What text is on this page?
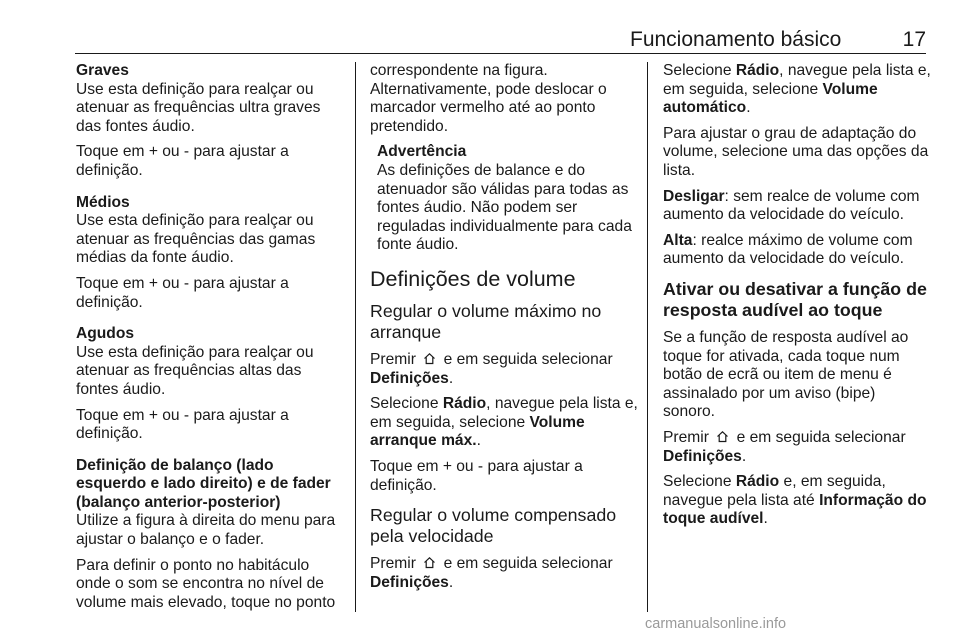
Funcionamento básico	17
Graves

Use esta definição para realçar ou atenuar as frequências ultra graves das fontes áudio.

Toque em + ou - para ajustar a definição.

Médios

Use esta definição para realçar ou atenuar as frequências das gamas médias da fonte áudio.

Toque em + ou - para ajustar a definição.

Agudos

Use esta definição para realçar ou atenuar as frequências altas das fontes áudio.

Toque em + ou - para ajustar a definição.

Definição de balanço (lado esquerdo e lado direito) e de fader (balanço anterior-posterior)

Utilize a figura à direita do menu para ajustar o balanço e o fader.

Para definir o ponto no habitáculo onde o som se encontra no nível de volume mais elevado, toque no ponto

correspondente na figura.

Alternativamente, pode deslocar o marcador vermelho até ao ponto pretendido.

Advertência
As definições de balance e do atenuador são válidas para todas as fontes áudio. Não podem ser reguladas individualmente para cada fonte áudio.
Definições de volume
Regular o volume máximo no arranque

Premir e em seguida selecionar Definições.

Selecione Rádio, navegue pela lista e, em seguida, selecione Volume arranque máx..

Toque em + ou - para ajustar a definição.

Regular o volume compensado pela velocidade

Premir e em seguida selecionar Definições.

Selecione Rádio, navegue pela lista e, em seguida, selecione Volume automático.

Para ajustar o grau de adaptação do volume, selecione uma das opções da lista.

Desligar: sem realce de volume com aumento da velocidade do veículo.

Alta: realce máximo de volume com aumento da velocidade do veículo.

Ativar ou desativar a função de resposta audível ao toque

Se a função de resposta audível ao toque for ativada, cada toque num botão de ecrã ou item de menu é assinalado por um aviso (bipe) sonoro.

Premir e em seguida selecionar Definições.

Selecione Rádio e, em seguida, navegue pela lista até Informação do toque audível.

carmanualsonline.info
